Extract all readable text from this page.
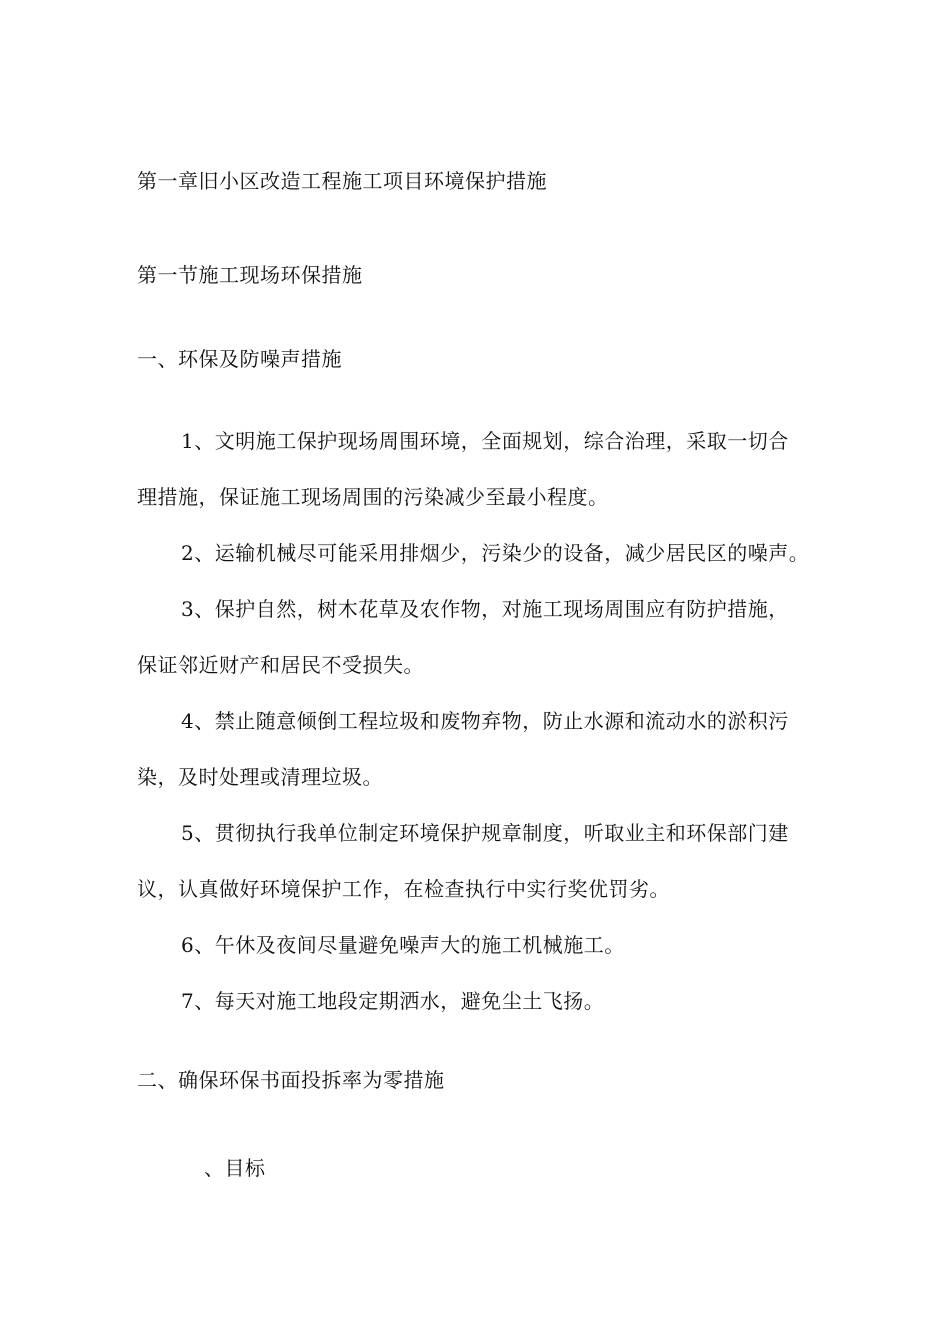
第一章旧小区改造工程施工项目环境保护措施
第一节施工现场环保措施
一、环保及防噪声措施
1、文明施工保护现场周围环境，全面规划，综合治理，采取一切合
理措施，保证施工现场周围的污染减少至最小程度。
2、运输机械尽可能采用排烟少，污染少的设备，减少居民区的噪声。
3、保护自然，树木花草及农作物，对施工现场周围应有防护措施，
保证邻近财产和居民不受损失。
4、禁止随意倾倒工程垃圾和废物弃物，防止水源和流动水的淤积污
染，及时处理或清理垃圾。
5、贯彻执行我单位制定环境保护规章制度，听取业主和环保部门建
议，认真做好环境保护工作，在检查执行中实行奖优罚劣。
6、午休及夜间尽量避免噪声大的施工机械施工。
7、每天对施工地段定期洒水，避免尘土飞扬。
二、确保环保书面投拆率为零措施
、目标
